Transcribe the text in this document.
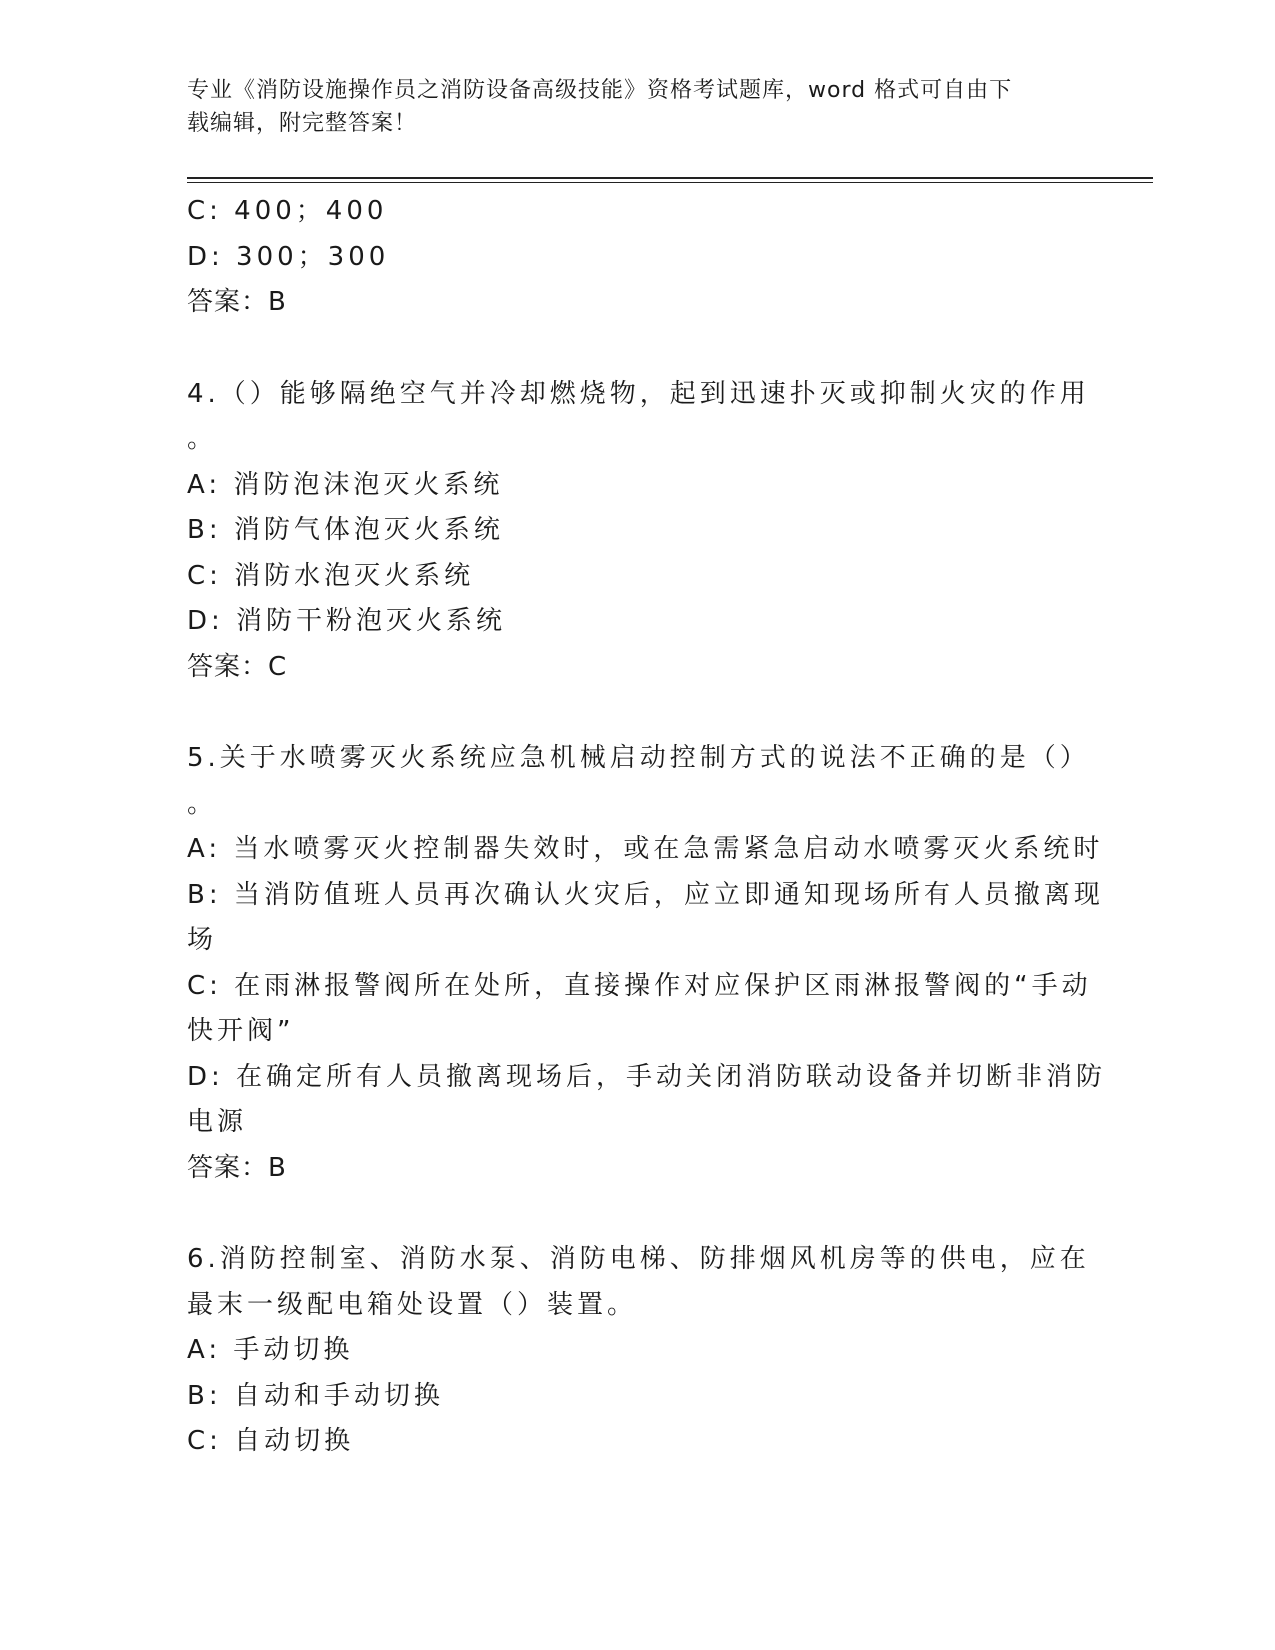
专业《消防设施操作员之消防设备高级技能》资格考试题库，word 格式可自由下
载编辑，附完整答案！
C: 400；400
D: 300；300
答案：B
4.（）能够隔绝空气并冷却燃烧物，起到迅速扑灭或抑制火灾的作用
。
A: 消防泡沫泡灭火系统
B: 消防气体泡灭火系统
C: 消防水泡灭火系统
D: 消防干粉泡灭火系统
答案：C
5.关于水喷雾灭火系统应急机械启动控制方式的说法不正确的是（）
。
A: 当水喷雾灭火控制器失效时，或在急需紧急启动水喷雾灭火系统时
B: 当消防值班人员再次确认火灾后，应立即通知现场所有人员撤离现
场
C: 在雨淋报警阀所在处所，直接操作对应保护区雨淋报警阀的“手动
快开阀”
D: 在确定所有人员撤离现场后，手动关闭消防联动设备并切断非消防
电源
答案：B
6.消防控制室、消防水泵、消防电梯、防排烟风机房等的供电，应在
最末一级配电箱处设置（）装置。
A: 手动切换
B: 自动和手动切换
C: 自动切换
